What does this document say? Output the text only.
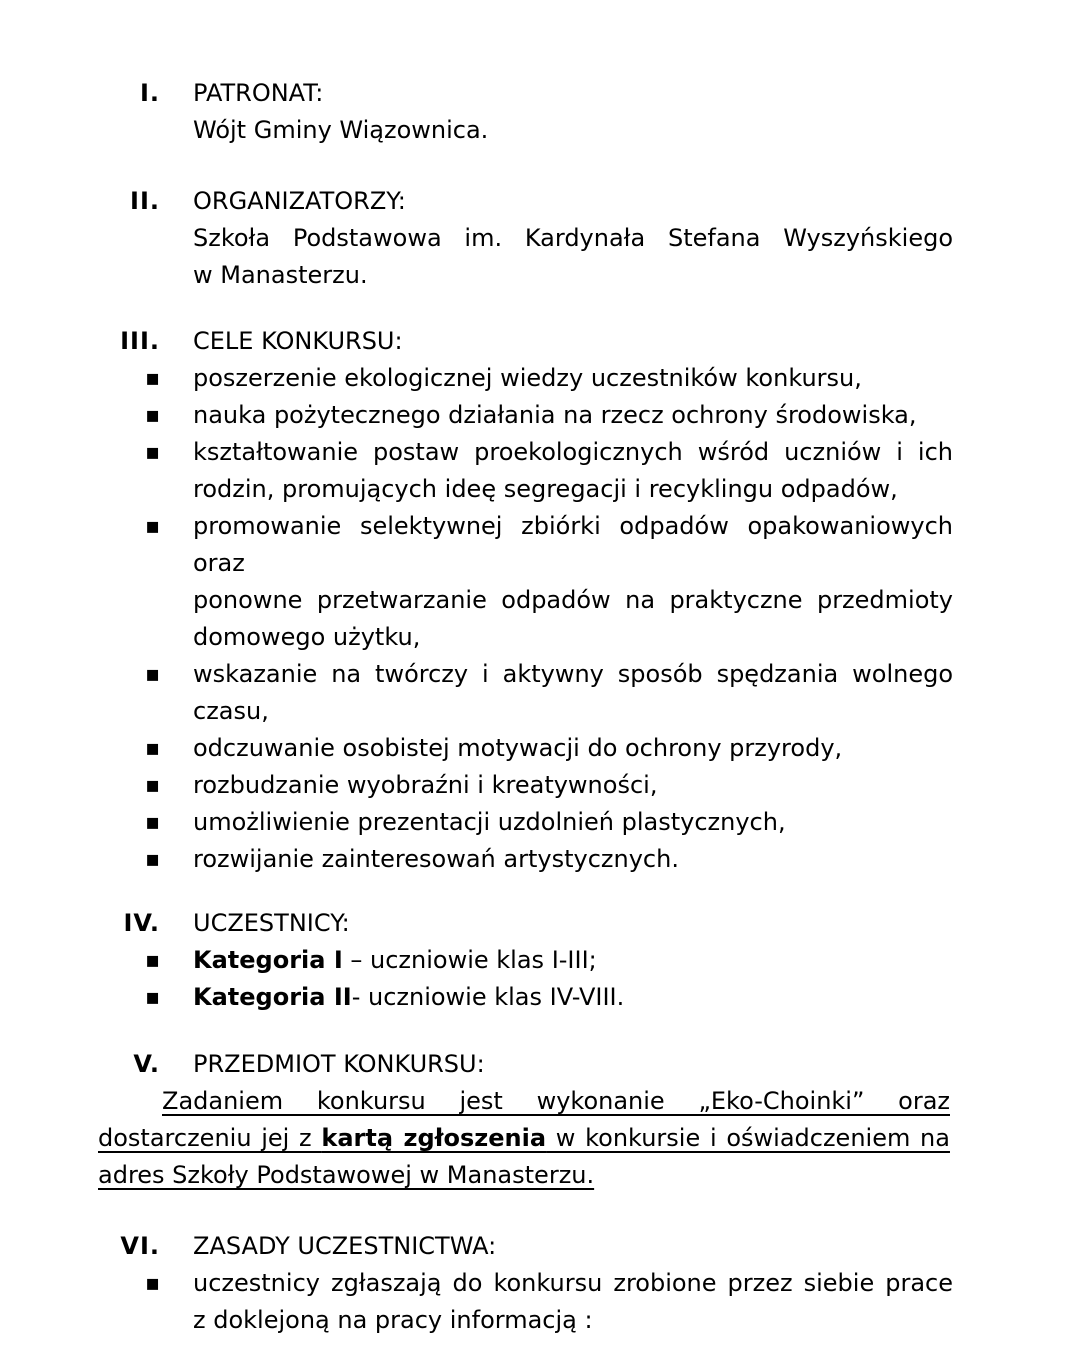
I.	PATRONAT:
Wójt Gminy Wiązownica.
II.	ORGANIZATORZY:
Szkoła Podstawowa im. Kardynała Stefana Wyszyńskiego
w Manasterzu.
III.	CELE KONKURSU:
▪ poszerzenie ekologicznej wiedzy uczestników konkursu,
▪ nauka pożytecznego działania na rzecz ochrony środowiska,
▪ kształtowanie postaw proekologicznych wśród uczniów i ich
rodzin, promujących ideę segregacji i recyklingu odpadów,
▪ promowanie selektywnej zbiórki odpadów opakowaniowych oraz
ponowne przetwarzanie odpadów na praktyczne przedmioty
domowego użytku,
▪ wskazanie na twórczy i aktywny sposób spędzania wolnego
czasu,
▪ odczuwanie osobistej motywacji do ochrony przyrody,
▪ rozbudzanie wyobraźni i kreatywności,
▪ umożliwienie prezentacji uzdolnień plastycznych,
▪ rozwijanie zainteresowań artystycznych.
IV.	UCZESTNICY:
▪ Kategoria I – uczniowie klas I-III;
▪ Kategoria II- uczniowie klas IV-VIII.
V.	PRZEDMIOT KONKURSU:
Zadaniem konkursu jest wykonanie „Eko-Choinki” oraz
dostarczeniu jej z kartą zgłoszenia w konkursie i oświadczeniem na
adres Szkoły Podstawowej w Manasterzu.
VI.	ZASADY UCZESTNICTWA:
▪ uczestnicy zgłaszają do konkursu zrobione przez siebie prace
z doklejoną na pracy informacją :
